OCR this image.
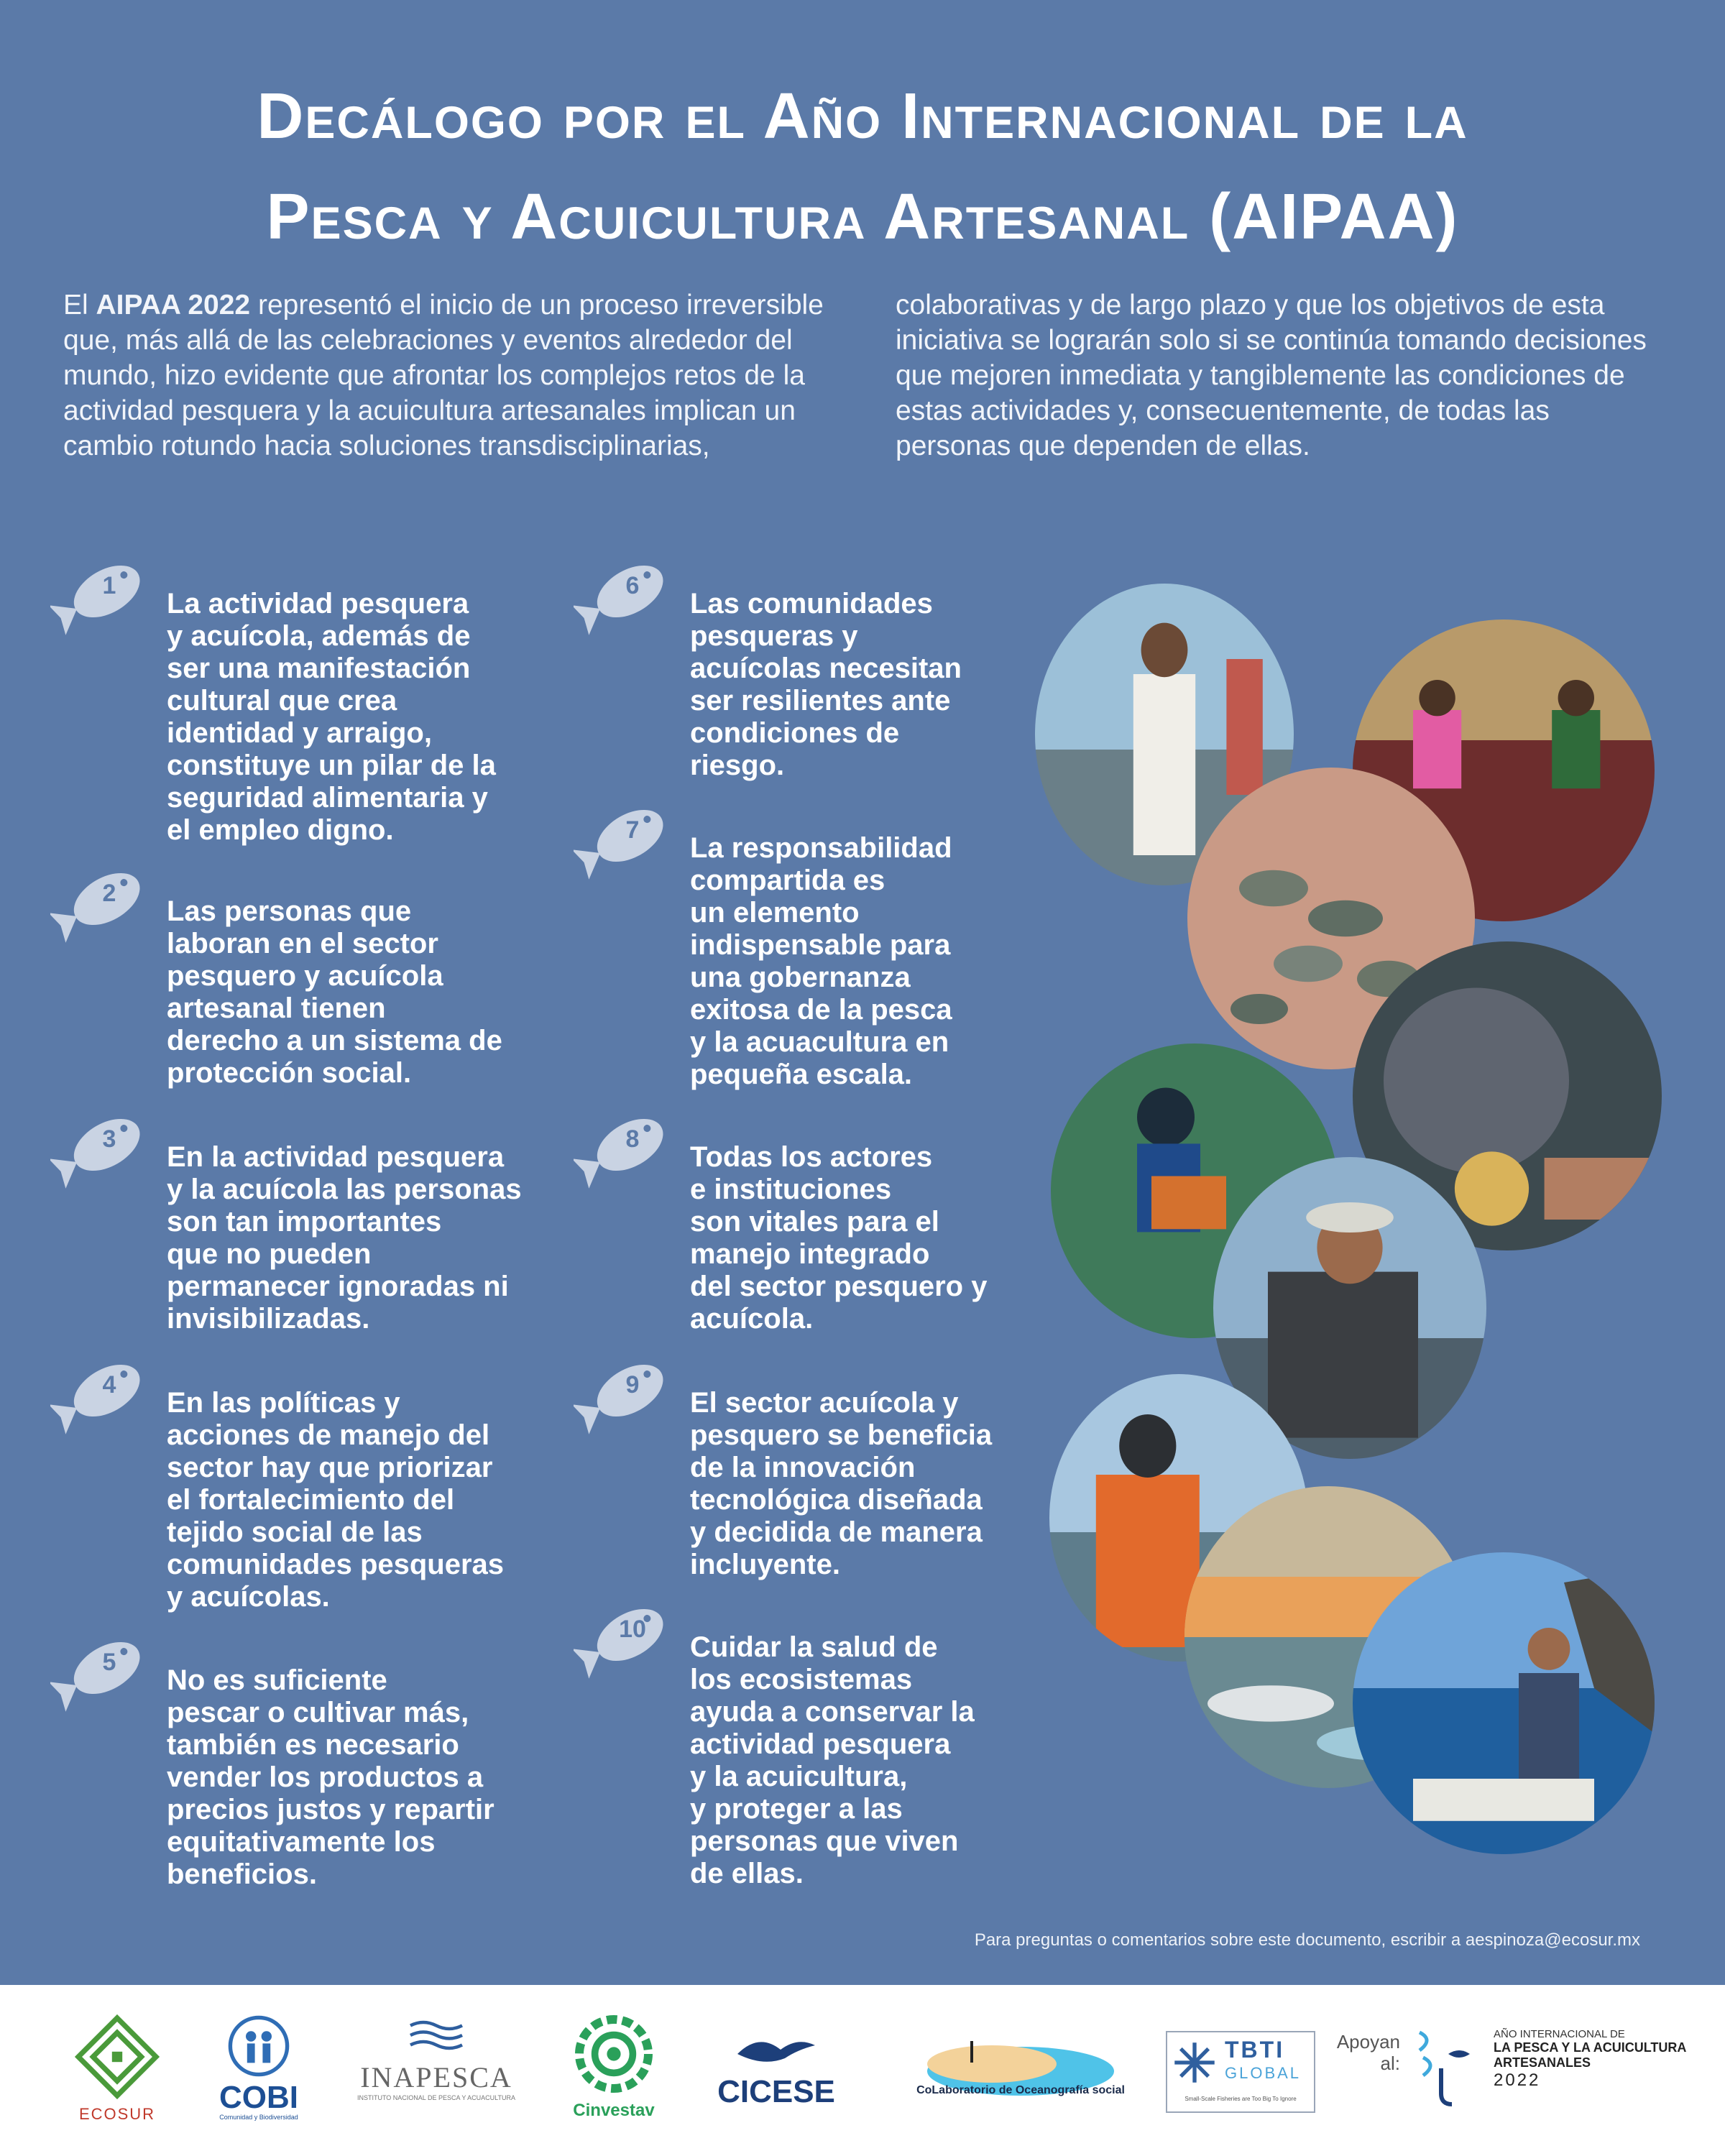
Decálogo por el Año Internacional de la
Pesca y Acuicultura Artesanal (AIPAA)
El AIPAA 2022 representó el inicio de un proceso irreversible que, más allá de las celebraciones y eventos alrededor del mundo, hizo evidente que afrontar los complejos retos de la actividad pesquera y la acuicultura artesanales implican un cambio rotundo hacia soluciones transdisciplinarias,
colaborativas y de largo plazo y que los objetivos de esta iniciativa se lograrán solo si se continúa tomando decisiones que mejoren inmediata y tangiblemente las condiciones de estas actividades y, consecuentemente, de todas las personas que dependen de ellas.
1
La actividad pesquera
y acuícola, además de
ser una manifestación
cultural que crea
identidad y arraigo,
constituye un pilar de la
seguridad alimentaria y
el empleo digno.
2
Las personas que
laboran en el sector
pesquero y acuícola
artesanal tienen
derecho a un sistema de
protección social.
3
En la actividad pesquera
y la acuícola las personas
son tan importantes
que no pueden
permanecer ignoradas ni
invisibilizadas.
4
En las políticas y
acciones de manejo del
sector hay que priorizar
el fortalecimiento del
tejido social de las
comunidades pesqueras
y acuícolas.
5
No es suficiente
pescar o cultivar más,
también es necesario
vender los productos a
precios justos y repartir
equitativamente los
beneficios.
6
Las comunidades
pesqueras y
acuícolas necesitan
ser resilientes ante
condiciones de
riesgo.
7
La responsabilidad
compartida es
un elemento
indispensable para
una gobernanza
exitosa de la pesca
y la acuacultura en
pequeña escala.
8
Todas los actores
e instituciones
son vitales para el
manejo integrado
del sector pesquero y
acuícola.
9
El sector acuícola y
pesquero se beneficia
de la innovación
tecnológica diseñada
y decidida de manera
incluyente.
10
Cuidar la salud de
los ecosistemas
ayuda a conservar la
actividad pesquera
y la acuicultura,
y proteger a las
personas que viven
de ellas.
Para preguntas o comentarios sobre este documento, escribir a aespinoza@ecosur.mx
ECOSUR	COBI
Comunidad y Biodiversidad
INAPESCA
INSTITUTO NACIONAL DE PESCA Y ACUACULTURA
Cinvestav
CICESE	CoLaboratorio de Oceanografía social
TBTI
GLOBAL
Small-Scale Fisheries are Too Big To Ignore
Apoyan
al:
AÑO INTERNACIONAL DE
LA PESCA Y LA ACUICULTURA
ARTESANALES
2022
